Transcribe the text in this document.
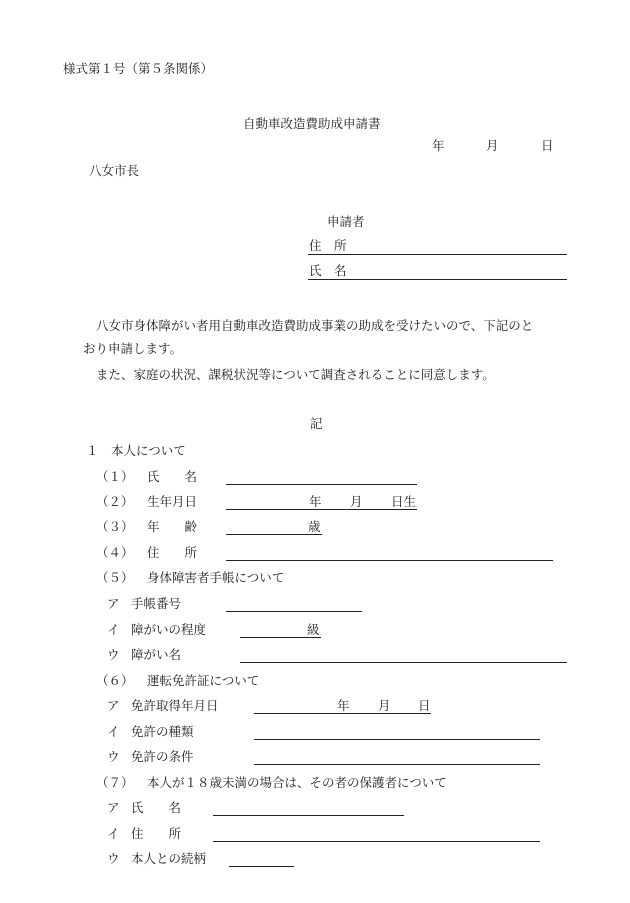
様式第１号（第５条関係）
自動車改造費助成申請書
年	月	日
八女市長
申請者
住　所
氏　名
八女市身体障がい者用自動車改造費助成事業の助成を受けたいので、下記のと
おり申請します。
また、家庭の状況、課税状況等について調査されることに同意します。
記
１　本人について
（１） 氏　　名
（２） 生年月日	年 月 日生
（３） 年　　齢	歳
（４） 住　　所
（５） 身体障害者手帳について
ア 手帳番号
イ 障がいの程度	級
ウ 障がい名
（６） 運転免許証について
ア 免許取得年月日	年 月 日
イ 免許の種類
ウ 免許の条件
（７） 本人が１８歳未満の場合は、その者の保護者について
ア 氏　　名
イ 住　　所
ウ 本人との続柄
